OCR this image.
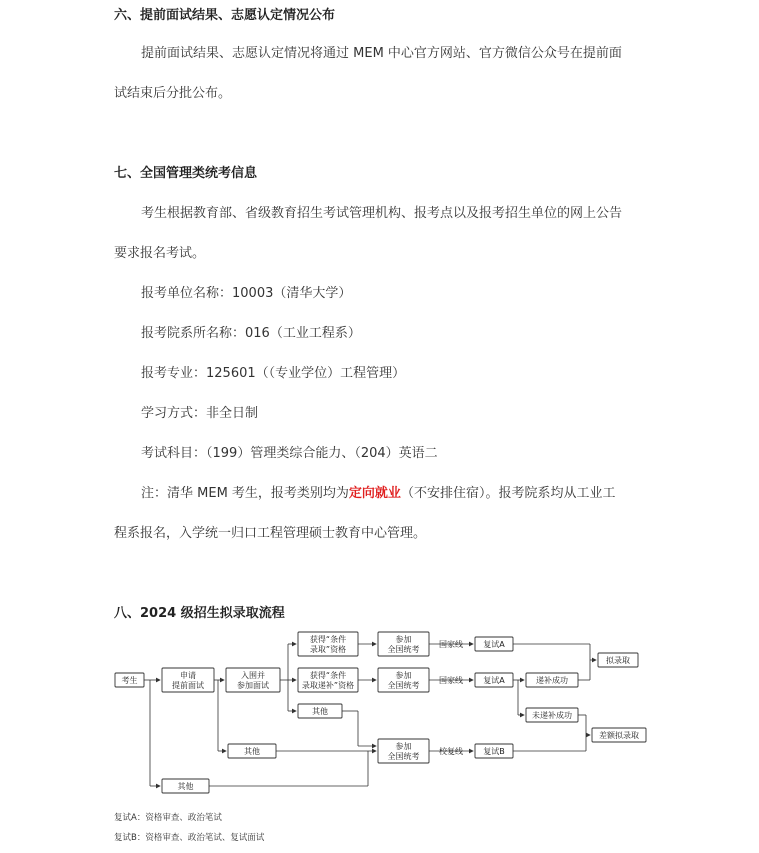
六、提前面试结果、志愿认定情况公布
提前面试结果、志愿认定情况将通过 MEM 中心官方网站、官方微信公众号在提前面
试结束后分批公布。
七、全国管理类统考信息
考生根据教育部、省级教育招生考试管理机构、报考点以及报考招生单位的网上公告
要求报名考试。
报考单位名称：10003（清华大学）
报考院系所名称：016（工业工程系）
报考专业：125601（（专业学位）工程管理）
学习方式：非全日制
考试科目：（199）管理类综合能力、（204）英语二
注：清华 MEM 考生，报考类别均为定向就业（不安排住宿）。报考院系均从工业工
程系报名，入学统一归口工程管理硕士教育中心管理。
八、2024 级招生拟录取流程
考生
申请
提前面试
入围并
参加面试
获得“条件
录取”资格
获得“条件
录取递补”资格
其他
其他
其他
参加
全国统考
参加
全国统考
参加
全国统考
国家线
国家线
校复线
复试A
复试A
复试B
递补成功
未递补成功
拟录取
差额拟录取
复试A：资格审查、政治笔试
复试B：资格审查、政治笔试、复试面试
